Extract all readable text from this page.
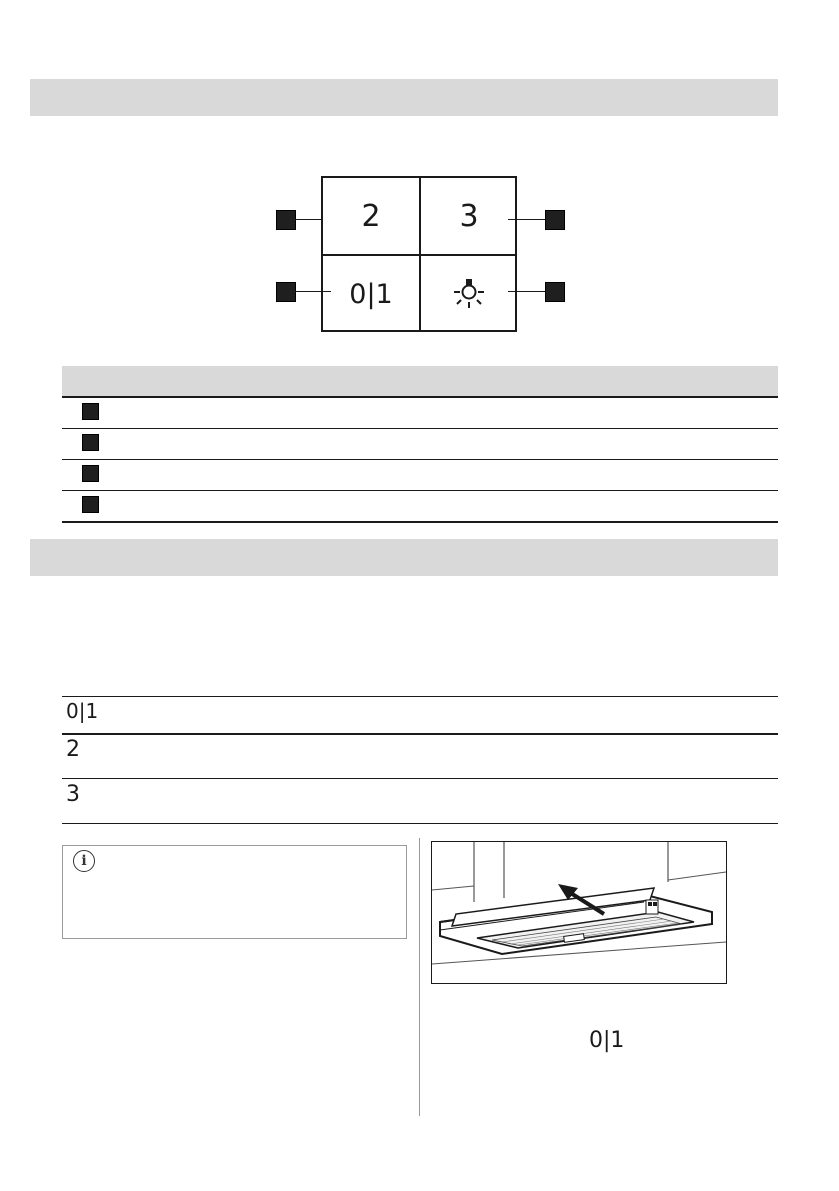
2	3
0|1
0|1
2
3
i
0|1
